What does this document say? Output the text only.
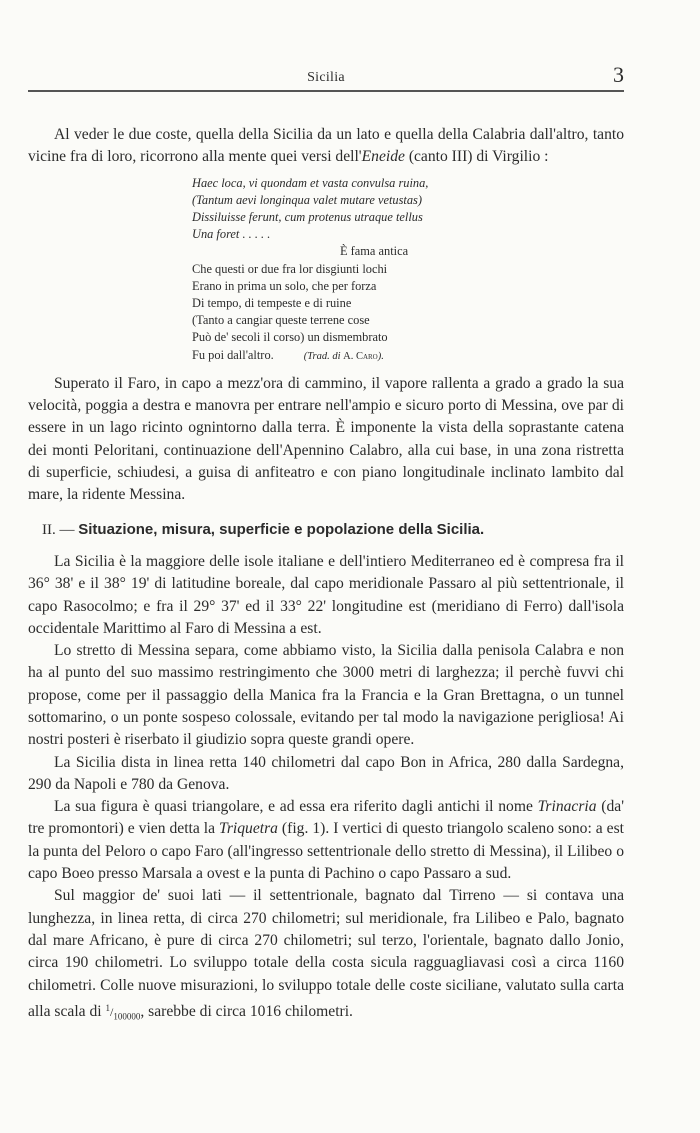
Sicilia	3

Al veder le due coste, quella della Sicilia da un lato e quella della Calabria dall'altro, tanto vicine fra di loro, ricorrono alla mente quei versi dell'Eneide (canto III) di Virgilio :

Haec loca, vi quondam et vasta convulsa ruina,
(Tantum aevi longinqua valet mutare vetustas)
Dissiluisse ferunt, cum protenus utraque tellus
Una foret . . . . .
È fama antica
Che questi or due fra lor disgiunti lochi
Erano in prima un solo, che per forza
Di tempo, di tempeste e di ruine
(Tanto a cangiar queste terrene cose
Può de' secoli il corso) un dismembrato
Fu poi dall'altro.	(Trad. di A. Caro).

Superato il Faro, in capo a mezz'ora di cammino, il vapore rallenta a grado a grado la sua velocità, poggia a destra e manovra per entrare nell'ampio e sicuro porto di Messina, ove par di essere in un lago ricinto ognintorno dalla terra. È imponente la vista della soprastante catena dei monti Peloritani, continuazione dell'Apennino Calabro, alla cui base, in una zona ristretta di superficie, schiudesi, a guisa di anfiteatro e con piano longitudinale inclinato lambito dal mare, la ridente Messina.

II. — Situazione, misura, superficie e popolazione della Sicilia.

La Sicilia è la maggiore delle isole italiane e dell'intiero Mediterraneo ed è compresa fra il 36° 38' e il 38° 19' di latitudine boreale, dal capo meridionale Passaro al più settentrionale, il capo Rasocolmo; e fra il 29° 37' ed il 33° 22' longitudine est (meridiano di Ferro) dall'isola occidentale Marittimo al Faro di Messina a est.

Lo stretto di Messina separa, come abbiamo visto, la Sicilia dalla penisola Calabra e non ha al punto del suo massimo restringimento che 3000 metri di larghezza; il perchè fuvvi chi propose, come per il passaggio della Manica fra la Francia e la Gran Brettagna, o un tunnel sottomarino, o un ponte sospeso colossale, evitando per tal modo la navigazione perigliosa! Ai nostri posteri è riserbato il giudizio sopra queste grandi opere.

La Sicilia dista in linea retta 140 chilometri dal capo Bon in Africa, 280 dalla Sardegna, 290 da Napoli e 780 da Genova.

La sua figura è quasi triangolare, e ad essa era riferito dagli antichi il nome Trinacria (da' tre promontori) e vien detta la Triquetra (fig. 1). I vertici di questo triangolo scaleno sono: a est la punta del Peloro o capo Faro (all'ingresso settentrionale dello stretto di Messina), il Lilibeo o capo Boeo presso Marsala a ovest e la punta di Pachino o capo Passaro a sud.

Sul maggior de' suoi lati — il settentrionale, bagnato dal Tirreno — si contava una lunghezza, in linea retta, di circa 270 chilometri; sul meridionale, fra Lilibeo e Palo, bagnato dal mare Africano, è pure di circa 270 chilometri; sul terzo, l'orientale, bagnato dallo Jonio, circa 190 chilometri. Lo sviluppo totale della costa sicula ragguagliavasi così a circa 1160 chilometri. Colle nuove misurazioni, lo sviluppo totale delle coste siciliane, valutato sulla carta alla scala di $^1/_{100000}$, sarebbe di circa 1016 chilometri.
